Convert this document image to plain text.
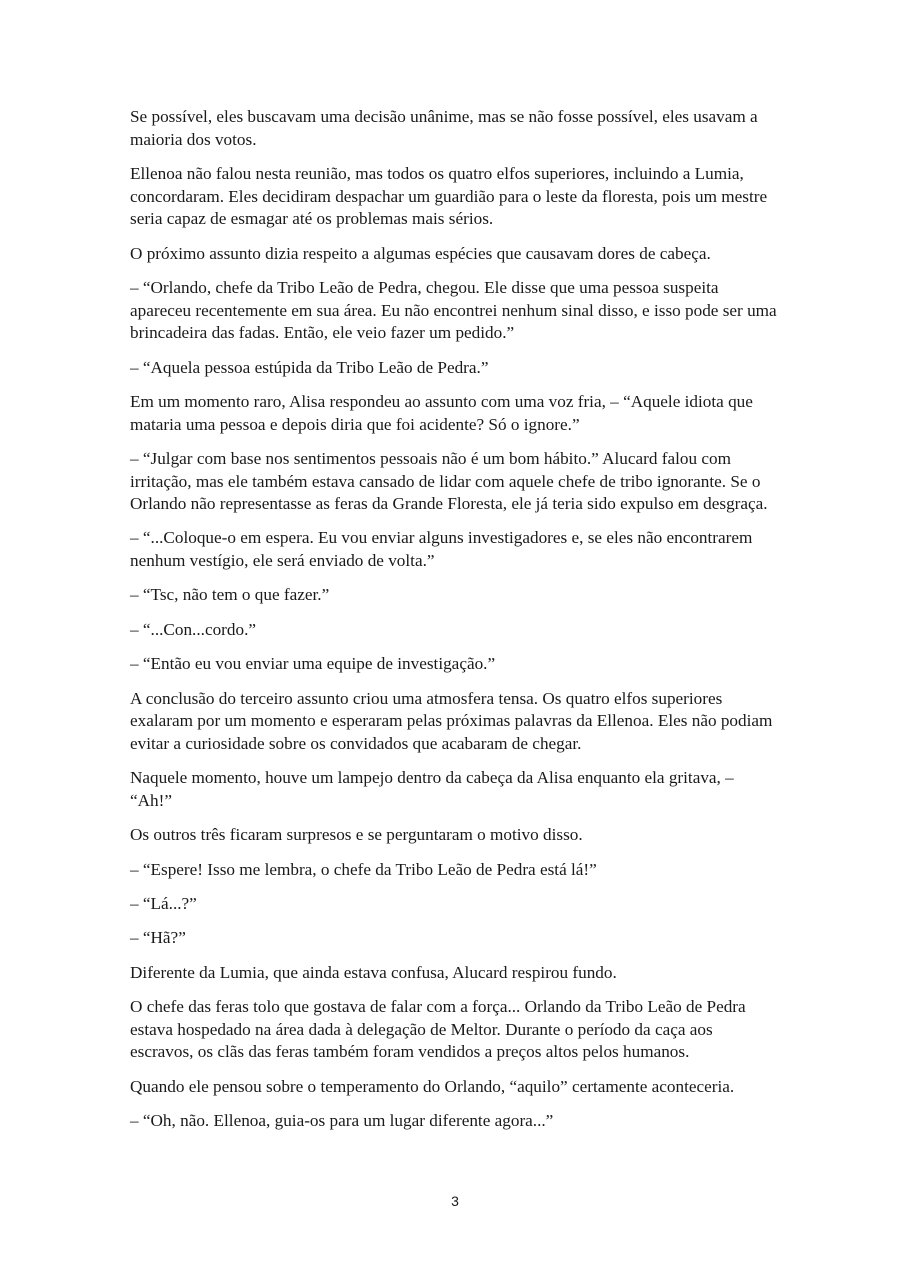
Se possível, eles buscavam uma decisão unânime, mas se não fosse possível, eles usavam a maioria dos votos.

Ellenoa não falou nesta reunião, mas todos os quatro elfos superiores, incluindo a Lumia, concordaram. Eles decidiram despachar um guardião para o leste da floresta, pois um mestre seria capaz de esmagar até os problemas mais sérios.

O próximo assunto dizia respeito a algumas espécies que causavam dores de cabeça.

– “Orlando, chefe da Tribo Leão de Pedra, chegou. Ele disse que uma pessoa suspeita apareceu recentemente em sua área. Eu não encontrei nenhum sinal disso, e isso pode ser uma brincadeira das fadas. Então, ele veio fazer um pedido.”

– “Aquela pessoa estúpida da Tribo Leão de Pedra.”

Em um momento raro, Alisa respondeu ao assunto com uma voz fria, – “Aquele idiota que mataria uma pessoa e depois diria que foi acidente? Só o ignore.”

– “Julgar com base nos sentimentos pessoais não é um bom hábito.” Alucard falou com irritação, mas ele também estava cansado de lidar com aquele chefe de tribo ignorante. Se o Orlando não representasse as feras da Grande Floresta, ele já teria sido expulso em desgraça.

– “...Coloque-o em espera. Eu vou enviar alguns investigadores e, se eles não encontrarem nenhum vestígio, ele será enviado de volta.”

– “Tsc, não tem o que fazer.”

– “...Con...cordo.”

– “Então eu vou enviar uma equipe de investigação.”

A conclusão do terceiro assunto criou uma atmosfera tensa. Os quatro elfos superiores exalaram por um momento e esperaram pelas próximas palavras da Ellenoa. Eles não podiam evitar a curiosidade sobre os convidados que acabaram de chegar.

Naquele momento, houve um lampejo dentro da cabeça da Alisa enquanto ela gritava, – “Ah!”

Os outros três ficaram surpresos e se perguntaram o motivo disso.

– “Espere! Isso me lembra, o chefe da Tribo Leão de Pedra está lá!”

– “Lá...?”

– “Hã?”

Diferente da Lumia, que ainda estava confusa, Alucard respirou fundo.

O chefe das feras tolo que gostava de falar com a força... Orlando da Tribo Leão de Pedra estava hospedado na área dada à delegação de Meltor. Durante o período da caça aos escravos, os clãs das feras também foram vendidos a preços altos pelos humanos.

Quando ele pensou sobre o temperamento do Orlando, “aquilo” certamente aconteceria.

– “Oh, não. Ellenoa, guia-os para um lugar diferente agora...”

3
